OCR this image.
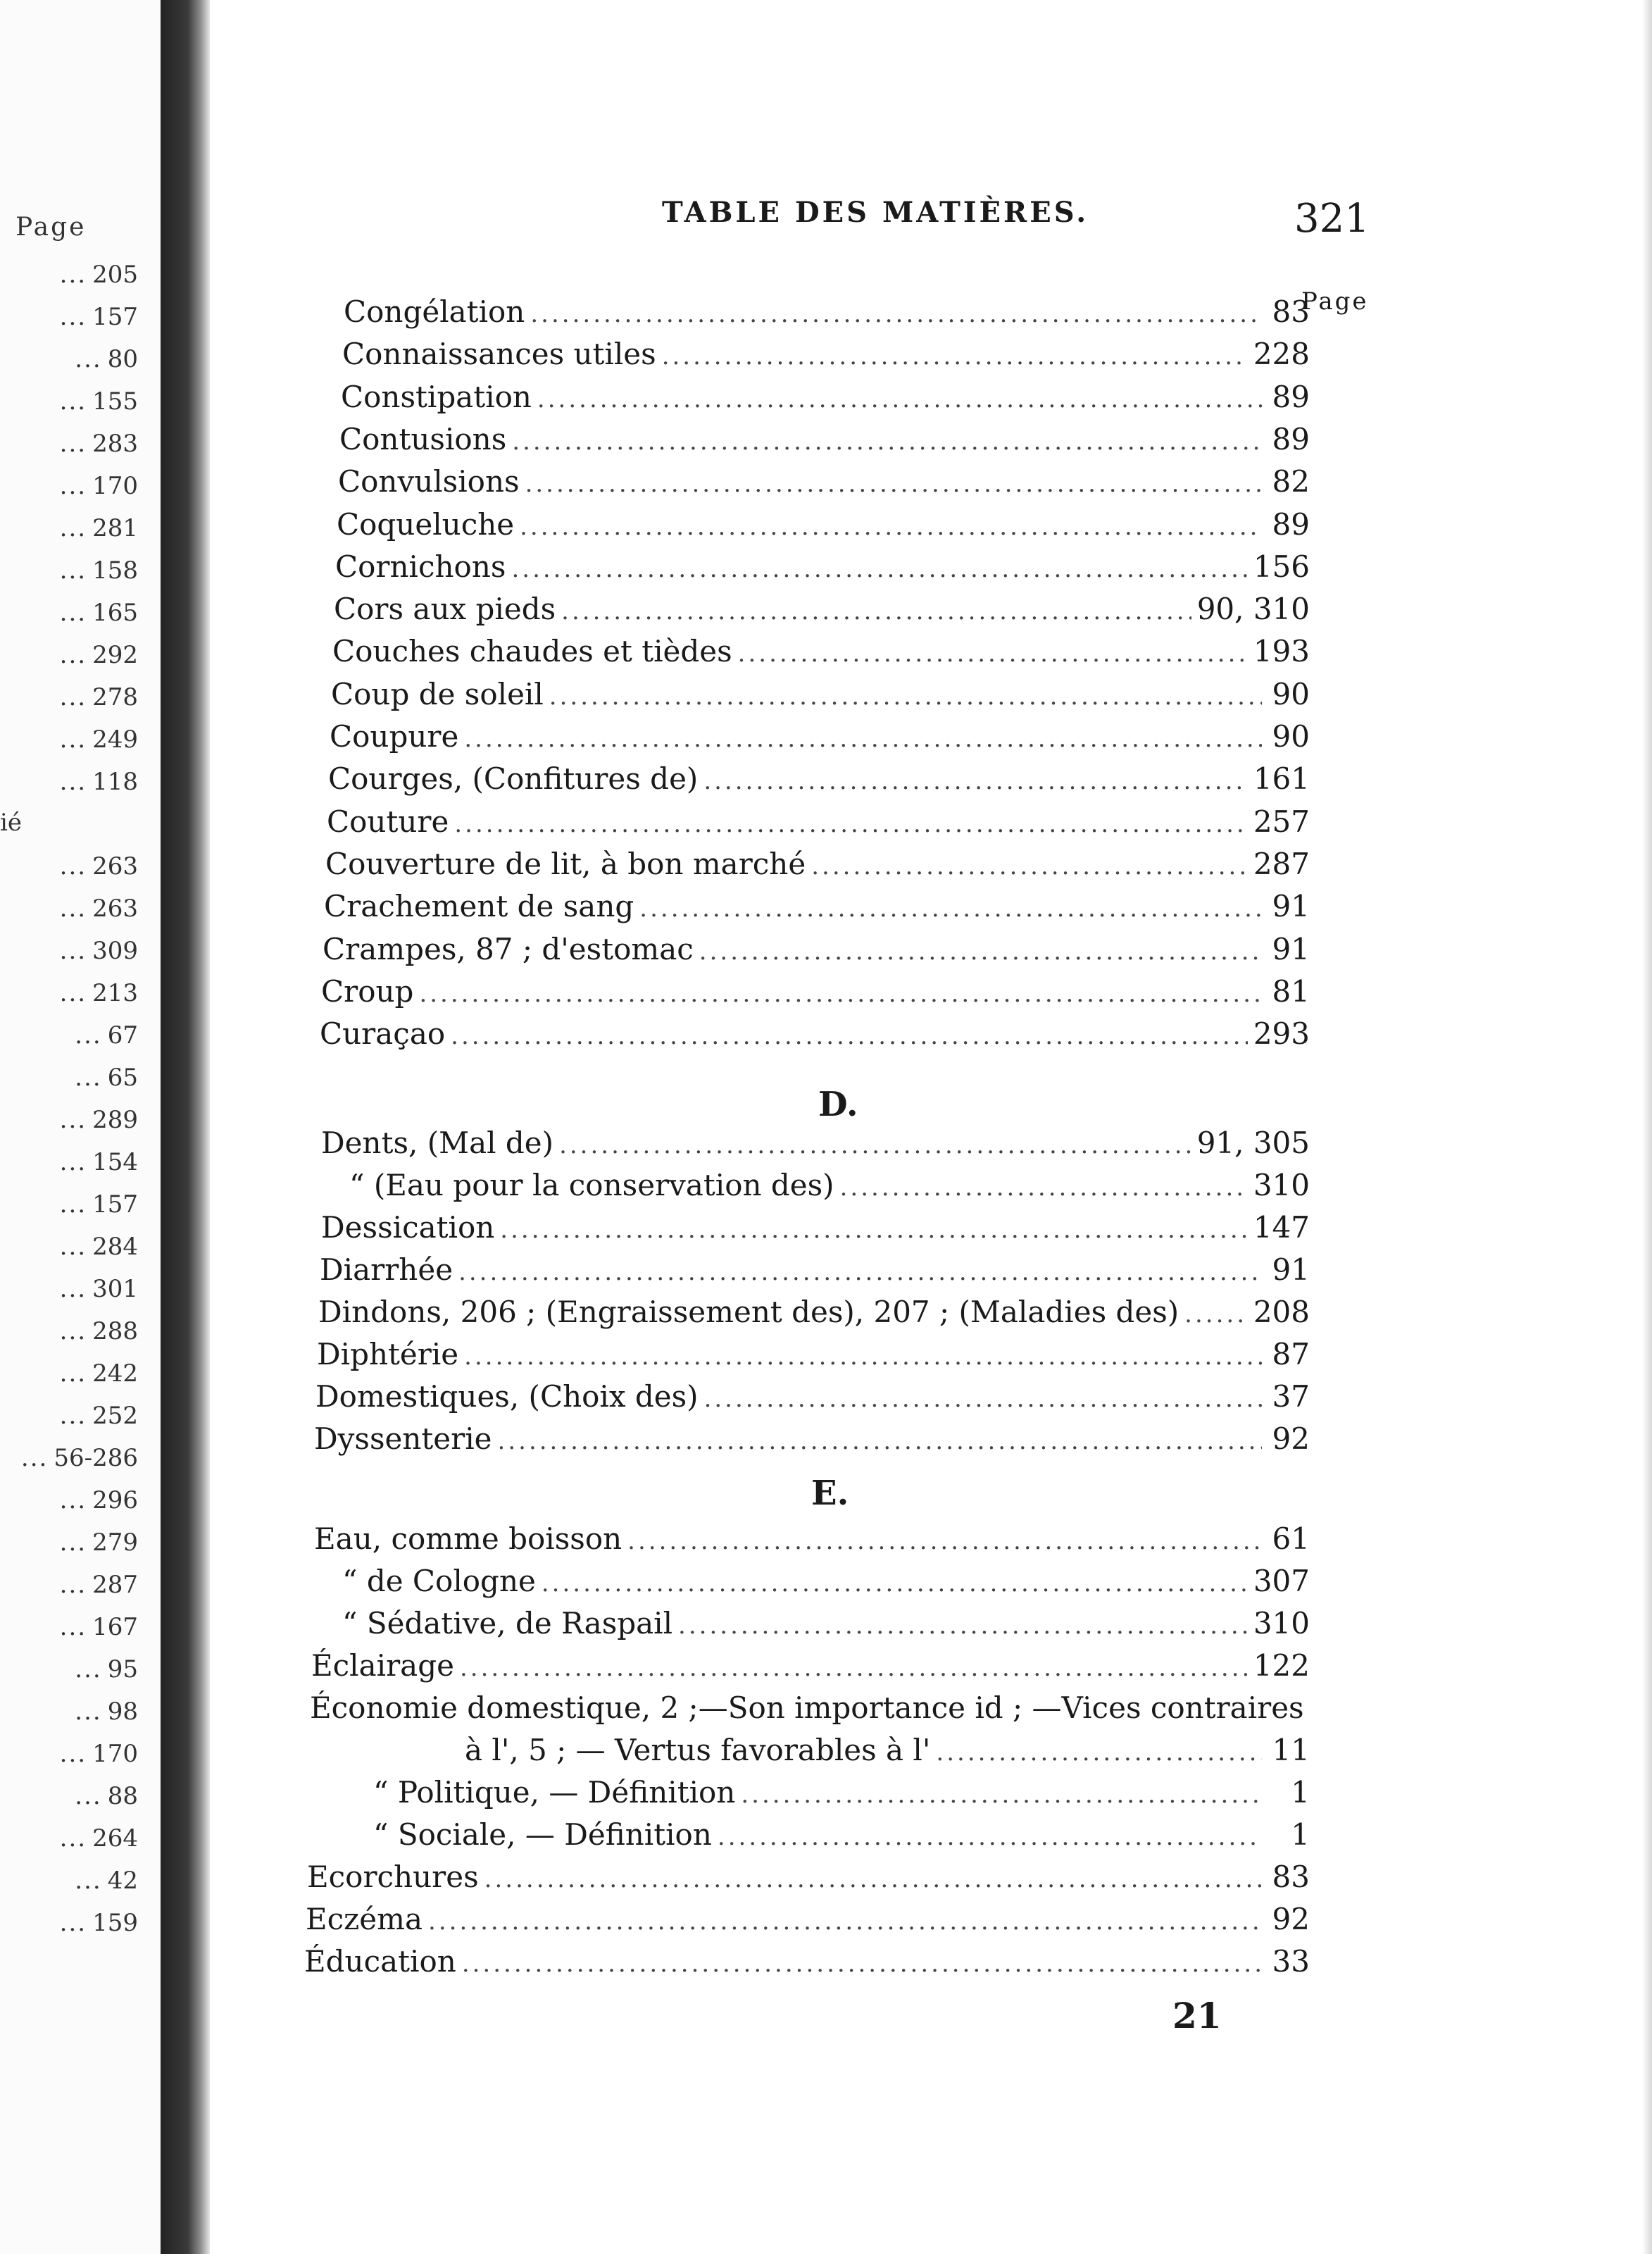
Page
... 205
... 157
... 80
... 155
... 283
... 170
... 281
... 158
... 165
... 292
... 278
... 249
... 118
... 263
... 263
... 309
... 213
... 67
... 65
... 289
... 154
... 157
... 284
... 301
... 288
... 242
... 252
... 56-286
... 296
... 279
... 287
... 167
... 95
... 98
... 170
... 88
... 264
... 42
... 159
ié
TABLE DES MATIÈRES.	321
Page
Congélation .....	83
Connaissances utiles .....	228
Constipation .....	89
Contusions .....	89
Convulsions .....	82
Coqueluche .....	89
Cornichons .....	156
Cors aux pieds .....	90, 310
Couches chaudes et tièdes .....	193
Coup de soleil .....	90
Coupure .....	90
Courges, (Confitures de) .....	161
Couture .....	257
Couverture de lit, à bon marché .....	287
Crachement de sang .....	91
Crampes, 87 ; d'estomac .....	91
Croup .....	81
Curaçao .....	293
Dents, (Mal de) .....	91, 305
“ (Eau pour la conservation des) .....	310
Dessication .....	147
Diarrhée .....	91
Dindons, 206 ; (Engraissement des), 207 ; (Maladies des) .....	208
Diphtérie .....	87
Domestiques, (Choix des) .....	37
Dyssenterie .....	92
Eau, comme boisson .....	61
“ de Cologne .....	307
“ Sédative, de Raspail .....	310
Éclairage .....	122
Économie domestique, 2 ;—Son importance id ; —Vices contraires
à l', 5 ; — Vertus favorables à l' .....	11
“ Politique, — Définition .....	1
“ Sociale, — Définition .....	1
Ecorchures .....	83
Eczéma .....	92
Éducation .....	33
D.
E.
21
